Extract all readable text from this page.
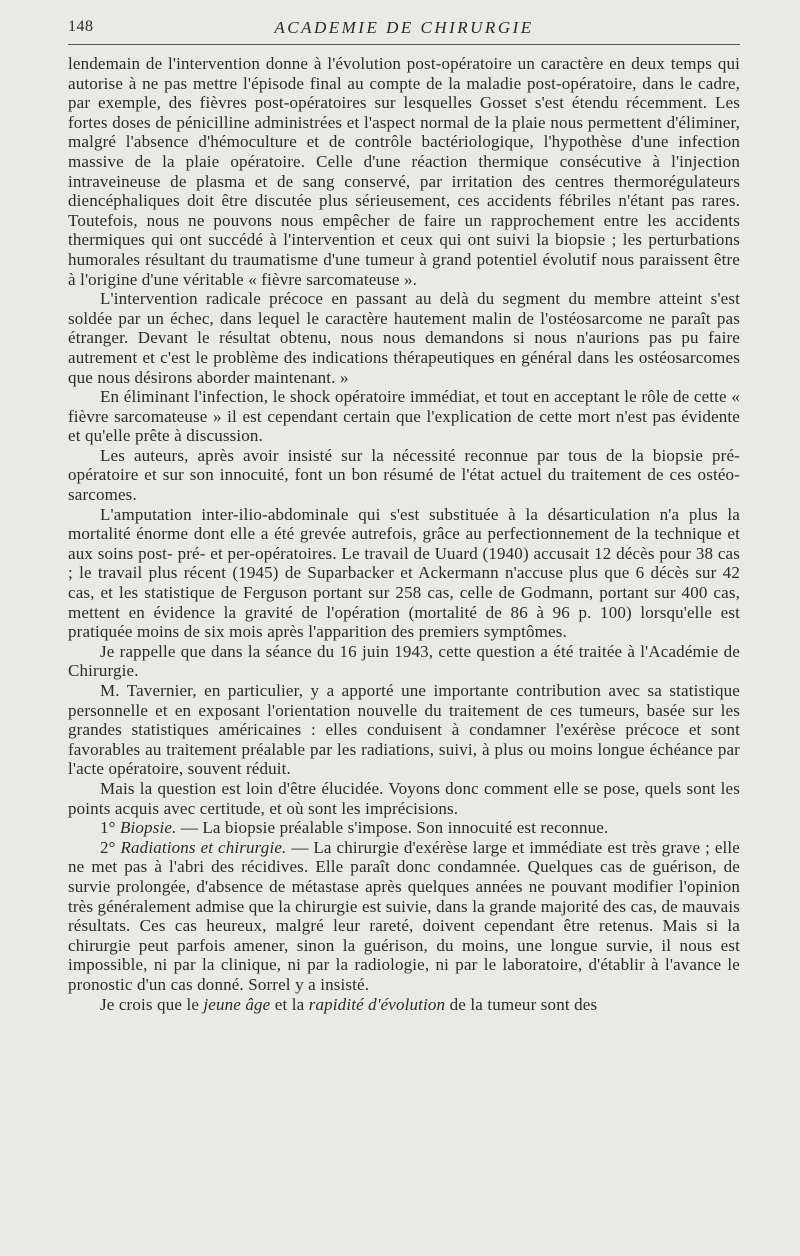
148	ACADEMIE DE CHIRURGIE

lendemain de l'intervention donne à l'évolution post-opératoire un caractère en deux temps qui autorise à ne pas mettre l'épisode final au compte de la maladie post-opératoire, dans le cadre, par exemple, des fièvres post-opératoires sur lesquelles Gosset s'est étendu récemment. Les fortes doses de pénicilline administrées et l'aspect normal de la plaie nous permettent d'éliminer, malgré l'absence d'hémoculture et de contrôle bactériologique, l'hypothèse d'une infection massive de la plaie opératoire. Celle d'une réaction thermique consécutive à l'injection intraveineuse de plasma et de sang conservé, par irritation des centres thermorégulateurs diencéphaliques doit être discutée plus sérieusement, ces accidents fébriles n'étant pas rares. Toutefois, nous ne pouvons nous empêcher de faire un rapprochement entre les accidents thermiques qui ont succédé à l'intervention et ceux qui ont suivi la biopsie ; les perturbations humorales résultant du traumatisme d'une tumeur à grand potentiel évolutif nous paraissent être à l'origine d'une véritable « fièvre sarcomateuse ».

L'intervention radicale précoce en passant au delà du segment du membre atteint s'est soldée par un échec, dans lequel le caractère hautement malin de l'ostéosarcome ne paraît pas étranger. Devant le résultat obtenu, nous nous demandons si nous n'aurions pas pu faire autrement et c'est le problème des indications thérapeutiques en général dans les ostéosarcomes que nous désirons aborder maintenant. »

En éliminant l'infection, le shock opératoire immédiat, et tout en acceptant le rôle de cette « fièvre sarcomateuse » il est cependant certain que l'explication de cette mort n'est pas évidente et qu'elle prête à discussion.

Les auteurs, après avoir insisté sur la nécessité reconnue par tous de la biopsie pré-opératoire et sur son innocuité, font un bon résumé de l'état actuel du traitement de ces ostéo-sarcomes.

L'amputation inter-ilio-abdominale qui s'est substituée à la désarticulation n'a plus la mortalité énorme dont elle a été grevée autrefois, grâce au perfectionnement de la technique et aux soins post- pré- et per-opératoires. Le travail de Uuard (1940) accusait 12 décès pour 38 cas ; le travail plus récent (1945) de Suparbacker et Ackermann n'accuse plus que 6 décès sur 42 cas, et les statistique de Ferguson portant sur 258 cas, celle de Godmann, portant sur 400 cas, mettent en évidence la gravité de l'opération (mortalité de 86 à 96 p. 100) lorsqu'elle est pratiquée moins de six mois après l'apparition des premiers symptômes.

Je rappelle que dans la séance du 16 juin 1943, cette question a été traitée à l'Académie de Chirurgie.

M. Tavernier, en particulier, y a apporté une importante contribution avec sa statistique personnelle et en exposant l'orientation nouvelle du traitement de ces tumeurs, basée sur les grandes statistiques américaines : elles conduisent à condamner l'exérèse précoce et sont favorables au traitement préalable par les radiations, suivi, à plus ou moins longue échéance par l'acte opératoire, souvent réduit.

Mais la question est loin d'être élucidée. Voyons donc comment elle se pose, quels sont les points acquis avec certitude, et où sont les imprécisions.

1° Biopsie. — La biopsie préalable s'impose. Son innocuité est reconnue.

2° Radiations et chirurgie. — La chirurgie d'exérèse large et immédiate est très grave ; elle ne met pas à l'abri des récidives. Elle paraît donc condamnée. Quelques cas de guérison, de survie prolongée, d'absence de métastase après quelques années ne pouvant modifier l'opinion très généralement admise que la chirurgie est suivie, dans la grande majorité des cas, de mauvais résultats. Ces cas heureux, malgré leur rareté, doivent cependant être retenus. Mais si la chirurgie peut parfois amener, sinon la guérison, du moins, une longue survie, il nous est impossible, ni par la clinique, ni par la radiologie, ni par le laboratoire, d'établir à l'avance le pronostic d'un cas donné. Sorrel y a insisté.

Je crois que le jeune âge et la rapidité d'évolution de la tumeur sont des
